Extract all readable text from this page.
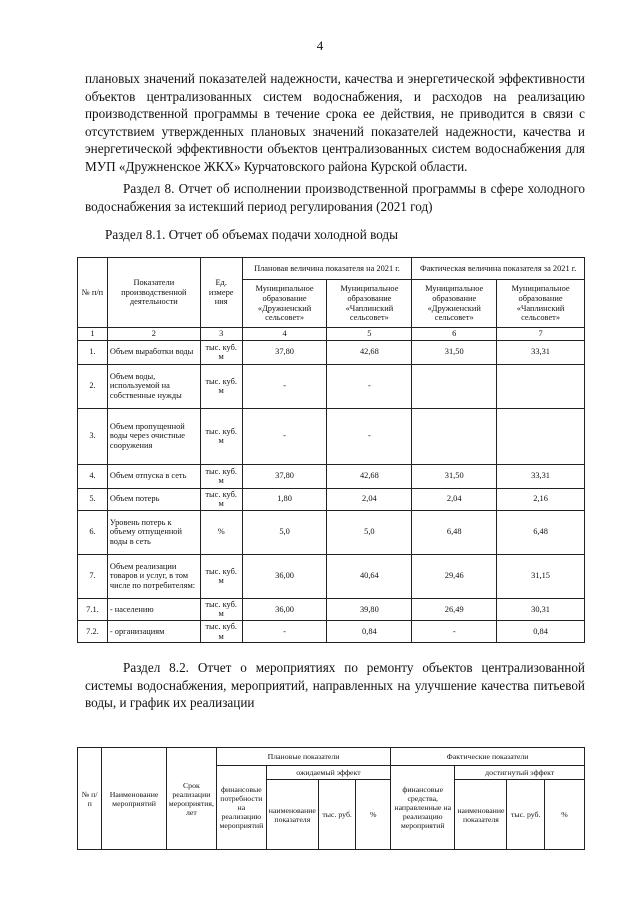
4

плановых значений показателей надежности, качества и энергетической эффективности объектов централизованных систем водоснабжения, и расходов на реализацию производственной программы в течение срока ее действия, не приводится в связи с отсутствием утвержденных плановых значений показателей надежности, качества и энергетической эффективности объектов централизованных систем водоснабжения для МУП «Дружненское ЖКХ» Курчатовского района Курской области.

Раздел 8. Отчет об исполнении производственной программы в сфере холодного водоснабжения за истекший период регулирования (2021 год)

Раздел 8.1. Отчет об объемах подачи холодной воды

№ п/п	Показатели производственной деятельности	Ед. измере ния	Плановая величина показателя на 2021 г.		Фактическая величина показателя за 2021 г.	
			Муниципальное образование «Дружненский сельсовет»	Муниципальное образование «Чаплинский сельсовет»	Муниципальное образование «Дружненский сельсовет»	Муниципальное образование «Чаплинский сельсовет»
1	2	3	4	5	6	7
1.	Объем выработки воды	тыс. куб. м	37,80	42,68	31,50	33,31
2.	Объем воды, используемой на собственные нужды	тыс. куб. м	-	-		
3.	Объем пропущенной воды через очистные сооружения	тыс. куб. м	-	-		
4.	Объем отпуска в сеть	тыс. куб. м	37,80	42,68	31,50	33,31
5.	Объем потерь	тыс. куб. м	1,80	2,04	2,04	2,16
6.	Уровень потерь к объему отпущенной воды в сеть	%	5,0	5,0	6,48	6,48
7.	Объем реализации товаров и услуг, в том числе по потребителям:	тыс. куб. м	36,00	40,64	29,46	31,15
7.1.	- населению	тыс. куб. м	36,00	39,80	26,49	30,31
7.2.	- организациям	тыс. куб. м	-	0,84	-	0,84

Раздел 8.2. Отчет о мероприятиях по ремонту объектов централизованной системы водоснабжения, мероприятий, направленных на улучшение качества питьевой воды, и график их реализации

№ п/ п	Наименование мероприятий	Срок реализации мероприятия, лет	Плановые показатели				Фактические показатели			
			финансовые потребности на реализацию мероприятий	ожидаемый эффект			финансовые средства, направленные на реализацию мероприятий	достигнутый эффект		
				наименование показателя	тыс. руб.	%		наименование показателя	тыс. руб.	%
